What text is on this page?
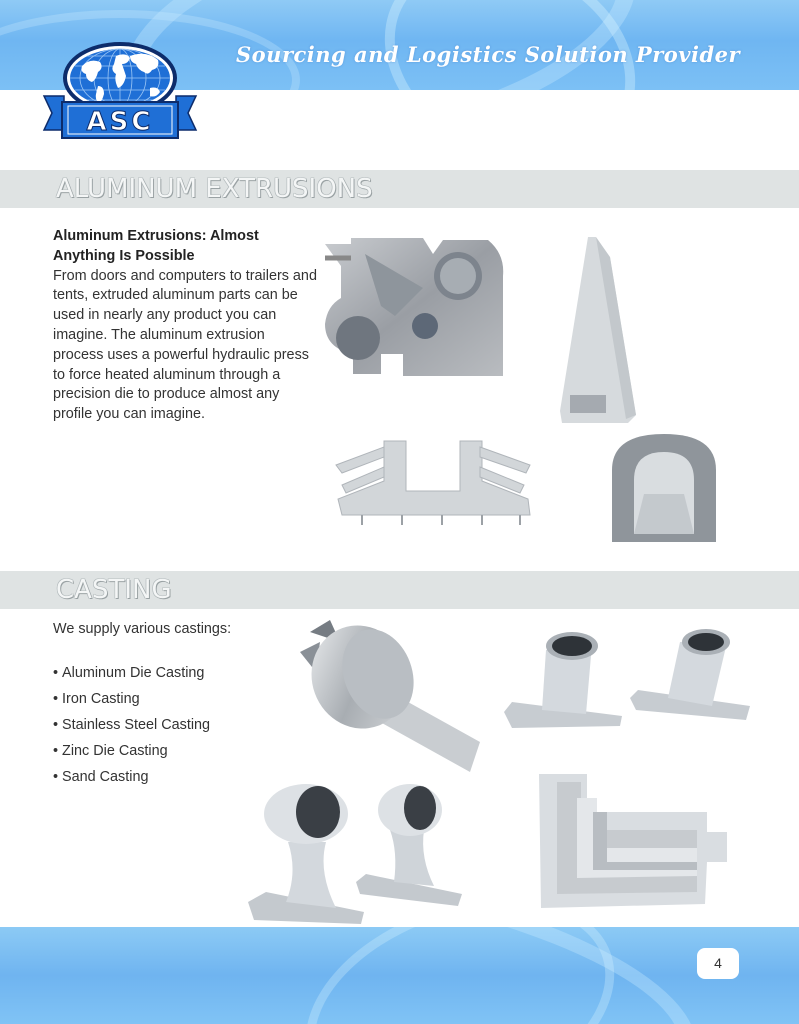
Sourcing and Logistics Solution Provider
ASC
ALUMINUM EXTRUSIONS
Aluminum Extrusions: Almost Anything Is Possible
From doors and computers to trailers and tents, extruded aluminum parts can be used in nearly any product you can imagine. The aluminum extrusion process uses a powerful hydraulic press to force heated aluminum through a precision die to produce almost any profile you can imagine.
CASTING
We supply various castings:
• Aluminum Die Casting
• Iron Casting
• Stainless Steel Casting
• Zinc Die Casting
• Sand Casting
4
